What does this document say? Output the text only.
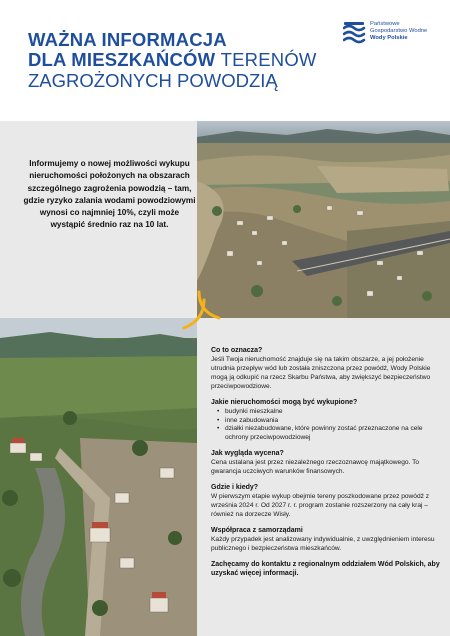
WAŻNA INFORMACJA
DLA MIESZKAŃCÓW TERENÓW
ZAGROŻONYCH POWODZIĄ
Państwowe
Gospodarstwo Wodne
Wody Polskie
Informujemy o nowej możliwości wykupu nieruchomości położonych na obszarach szczególnego zagrożenia powodzią – tam, gdzie ryzyko zalania wodami powodziowymi wynosi co najmniej 10%, czyli może wystąpić średnio raz na 10 lat.
Co to oznacza?

Jeśli Twoja nieruchomość znajduje się na takim obszarze, a jej położenie utrudnia przepływ wód lub została zniszczona przez powódź, Wody Polskie mogą ją odkupić na rzecz Skarbu Państwa, aby zwiększyć bezpieczeństwo przeciwpowodziowe.

Jakie nieruchomości mogą być wykupione?
• budynki mieszkalne
• inne zabudowania
• działki niezabudowane, które powinny zostać przeznaczone na cele ochrony przeciwpowodziowej
Jak wygląda wycena?

Cena ustalana jest przez niezależnego rzeczoznawcę majątkowego. To gwarancja uczciwych warunków finansowych.

Gdzie i kiedy?

W pierwszym etapie wykup obejmie tereny poszkodowane przez powódź z września 2024 r. Od 2027 r. r. program zostanie rozszerzony na cały kraj – również na dorzecze Wisły.

Współpraca z samorządami

Każdy przypadek jest analizowany indywidualnie, z uwzględnieniem interesu publicznego i bezpieczeństwa mieszkańców.

Zachęcamy do kontaktu z regionalnym oddziałem Wód Polskich, aby uzyskać więcej informacji.
